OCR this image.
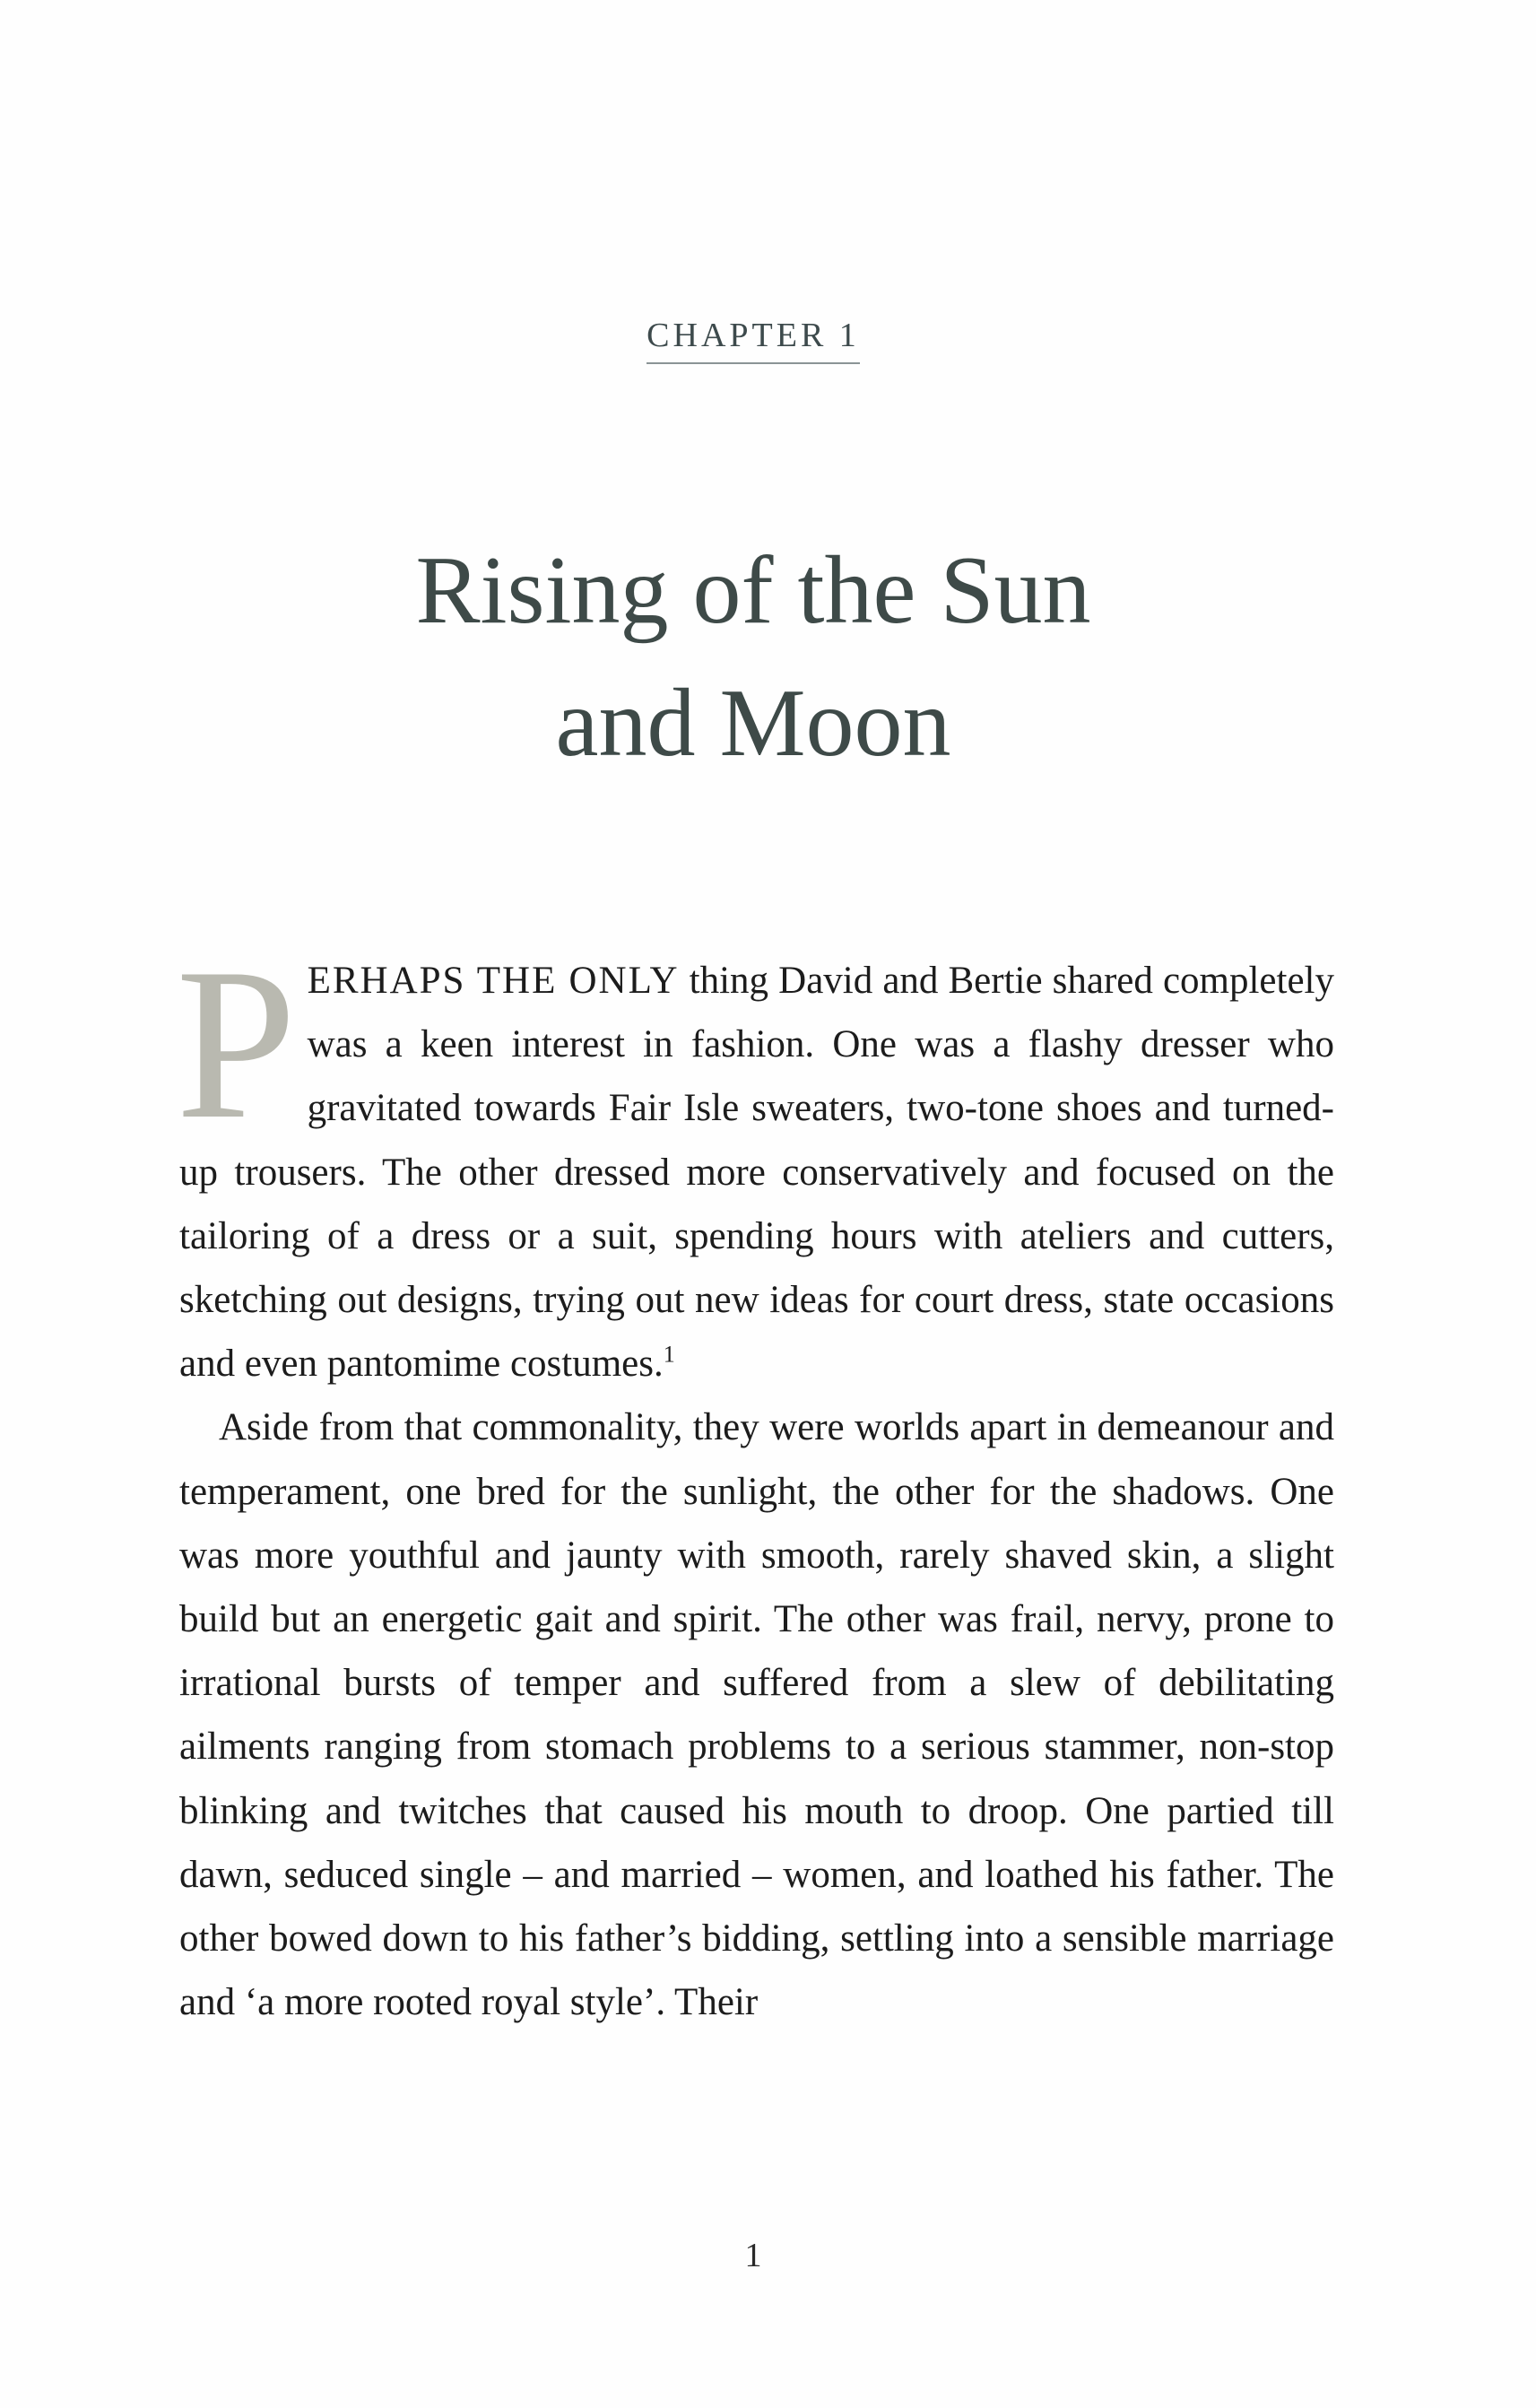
CHAPTER 1
Rising of the Sun
and Moon

PERHAPS THE ONLY thing David and Bertie shared completely was a keen interest in fashion. One was a flashy dresser who gravitated towards Fair Isle sweaters, two-tone shoes and turned-up trousers. The other dressed more conservatively and focused on the tailoring of a dress or a suit, spending hours with ateliers and cutters, sketching out designs, trying out new ideas for court dress, state occasions and even pantomime costumes.$^1$

Aside from that commonality, they were worlds apart in demeanour and temperament, one bred for the sunlight, the other for the shadows. One was more youthful and jaunty with smooth, rarely shaved skin, a slight build but an energetic gait and spirit. The other was frail, nervy, prone to irrational bursts of temper and suffered from a slew of debilitating ailments ranging from stomach problems to a serious stammer, non-stop blinking and twitches that caused his mouth to droop. One partied till dawn, seduced single – and married – women, and loathed his father. The other bowed down to his father’s bidding, settling into a sensible marriage and ‘a more rooted royal style’. Their

1
